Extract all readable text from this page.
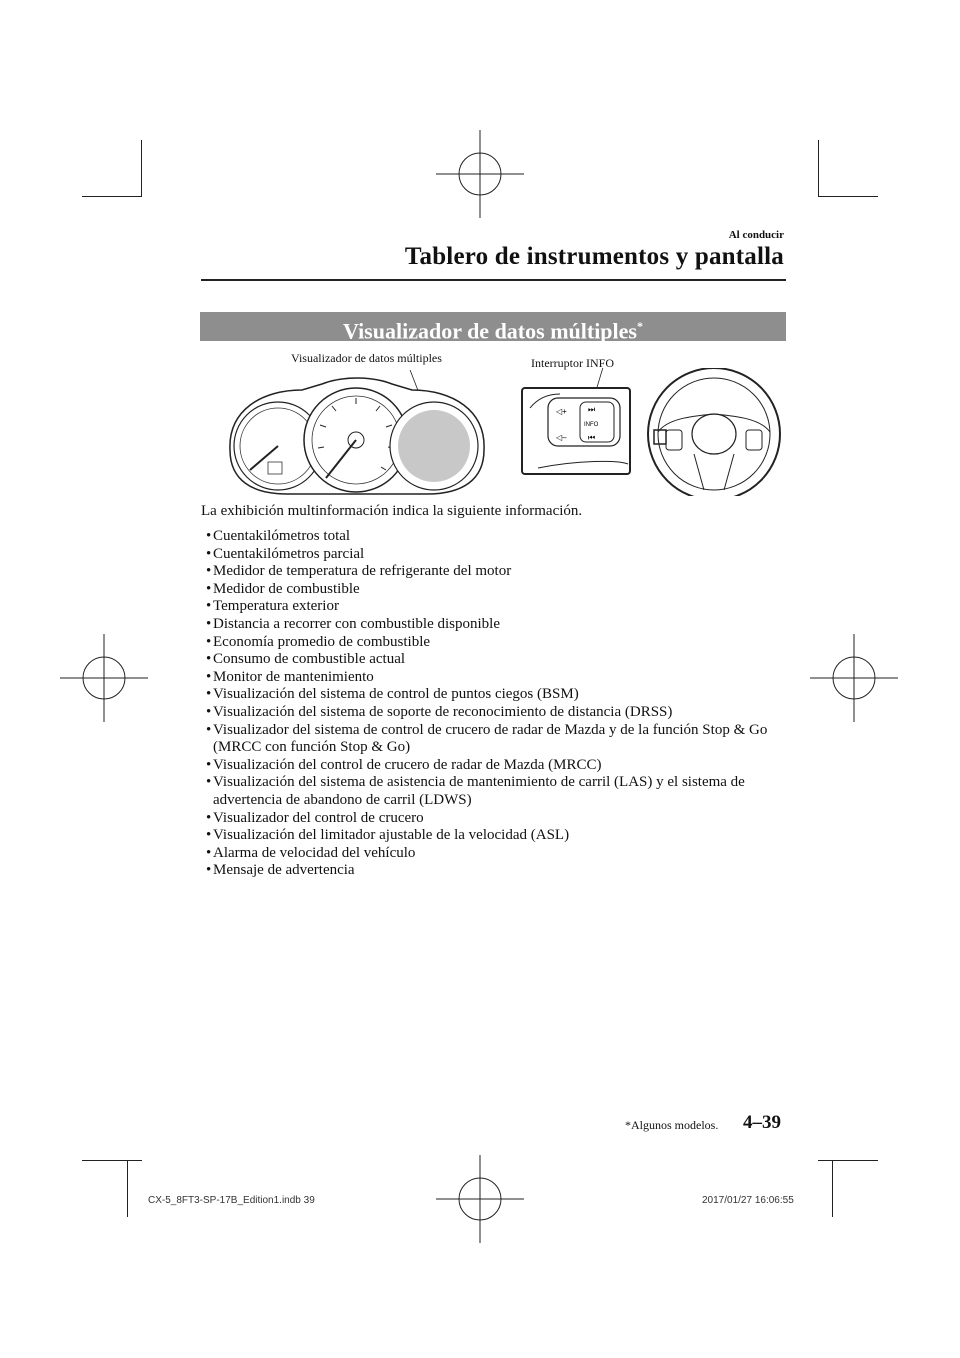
Al conducir
Tablero de instrumentos y pantalla
Visualizador de datos múltiples*
Visualizador de datos múltiples	Interruptor INFO
INFO
◁+
◁–
⏭
⏮
La exhibición multinformación indica la siguiente información.
• Cuentakilómetros total
• Cuentakilómetros parcial
• Medidor de temperatura de refrigerante del motor
• Medidor de combustible
• Temperatura exterior
• Distancia a recorrer con combustible disponible
• Economía promedio de combustible
• Consumo de combustible actual
• Monitor de mantenimiento
• Visualización del sistema de control de puntos ciegos (BSM)
• Visualización del sistema de soporte de reconocimiento de distancia (DRSS)
• Visualizador del sistema de control de crucero de radar de Mazda y de la función Stop & Go (MRCC con función Stop & Go)
• Visualización del control de crucero de radar de Mazda (MRCC)
• Visualización del sistema de asistencia de mantenimiento de carril (LAS) y el sistema de advertencia de abandono de carril (LDWS)
• Visualizador del control de crucero
• Visualización del limitador ajustable de la velocidad (ASL)
• Alarma de velocidad del vehículo
• Mensaje de advertencia
*Algunos modelos. 4–39
CX-5_8FT3-SP-17B_Edition1.indb 39	2017/01/27 16:06:55
